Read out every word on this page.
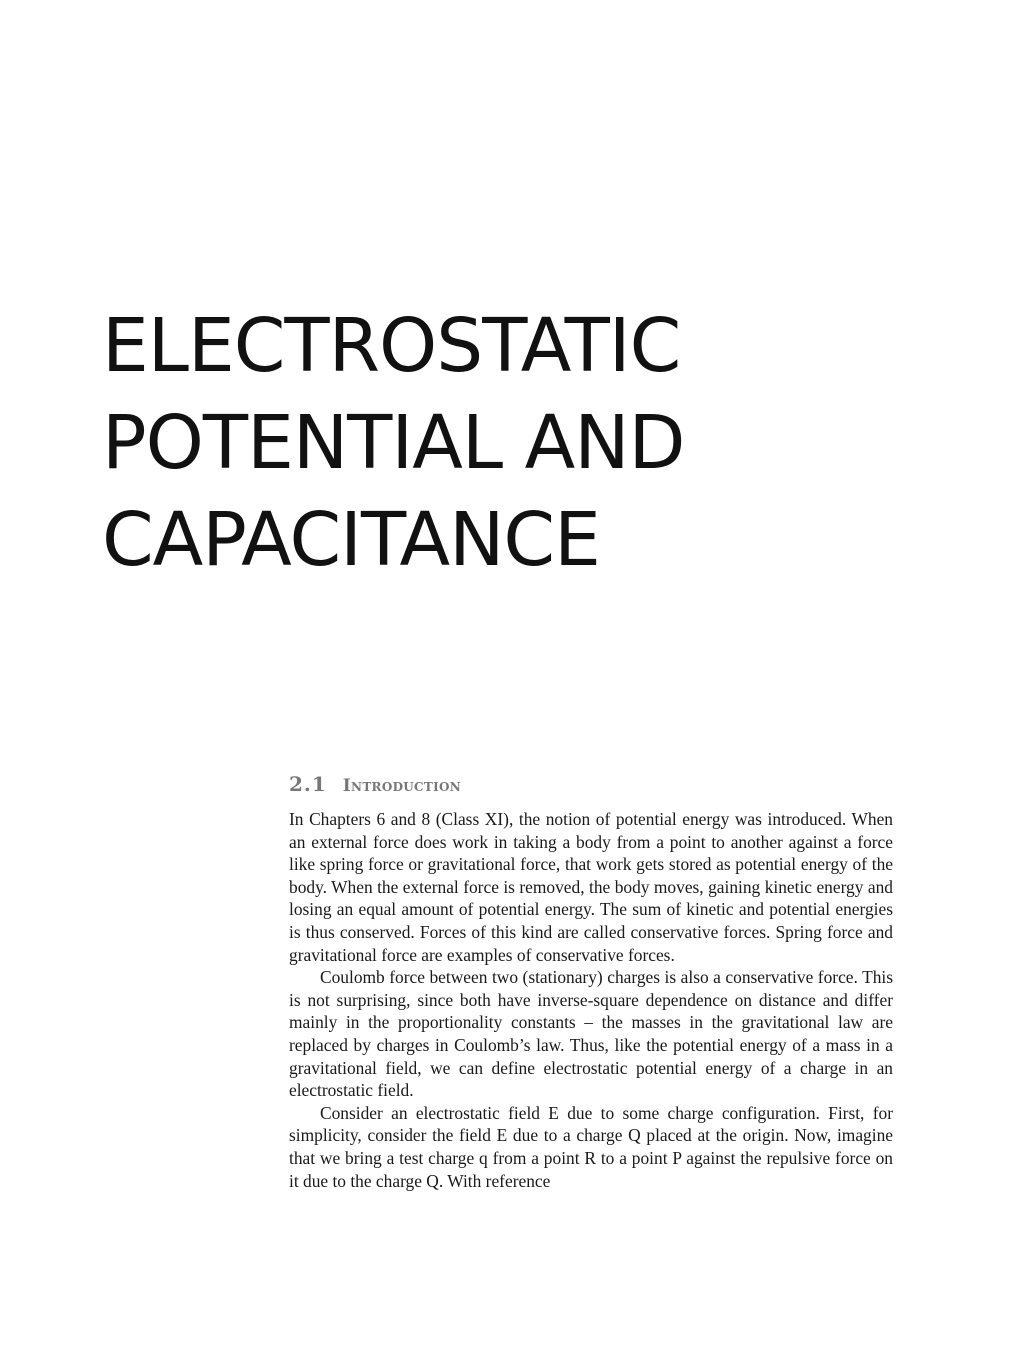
ELECTROSTATIC
POTENTIAL AND
CAPACITANCE
2.1 Introduction

In Chapters 6 and 8 (Class XI), the notion of potential energy was introduced. When an external force does work in taking a body from a point to another against a force like spring force or gravitational force, that work gets stored as potential energy of the body. When the external force is removed, the body moves, gaining kinetic energy and losing an equal amount of potential energy. The sum of kinetic and potential energies is thus conserved. Forces of this kind are called conservative forces. Spring force and gravitational force are examples of conservative forces.

Coulomb force between two (stationary) charges is also a conservative force. This is not surprising, since both have inverse-square dependence on distance and differ mainly in the proportionality constants – the masses in the gravitational law are replaced by charges in Coulomb’s law. Thus, like the potential energy of a mass in a gravitational field, we can define electrostatic potential energy of a charge in an electrostatic field.

Consider an electrostatic field E due to some charge configuration. First, for simplicity, consider the field E due to a charge Q placed at the origin. Now, imagine that we bring a test charge q from a point R to a point P against the repulsive force on it due to the charge Q. With reference
